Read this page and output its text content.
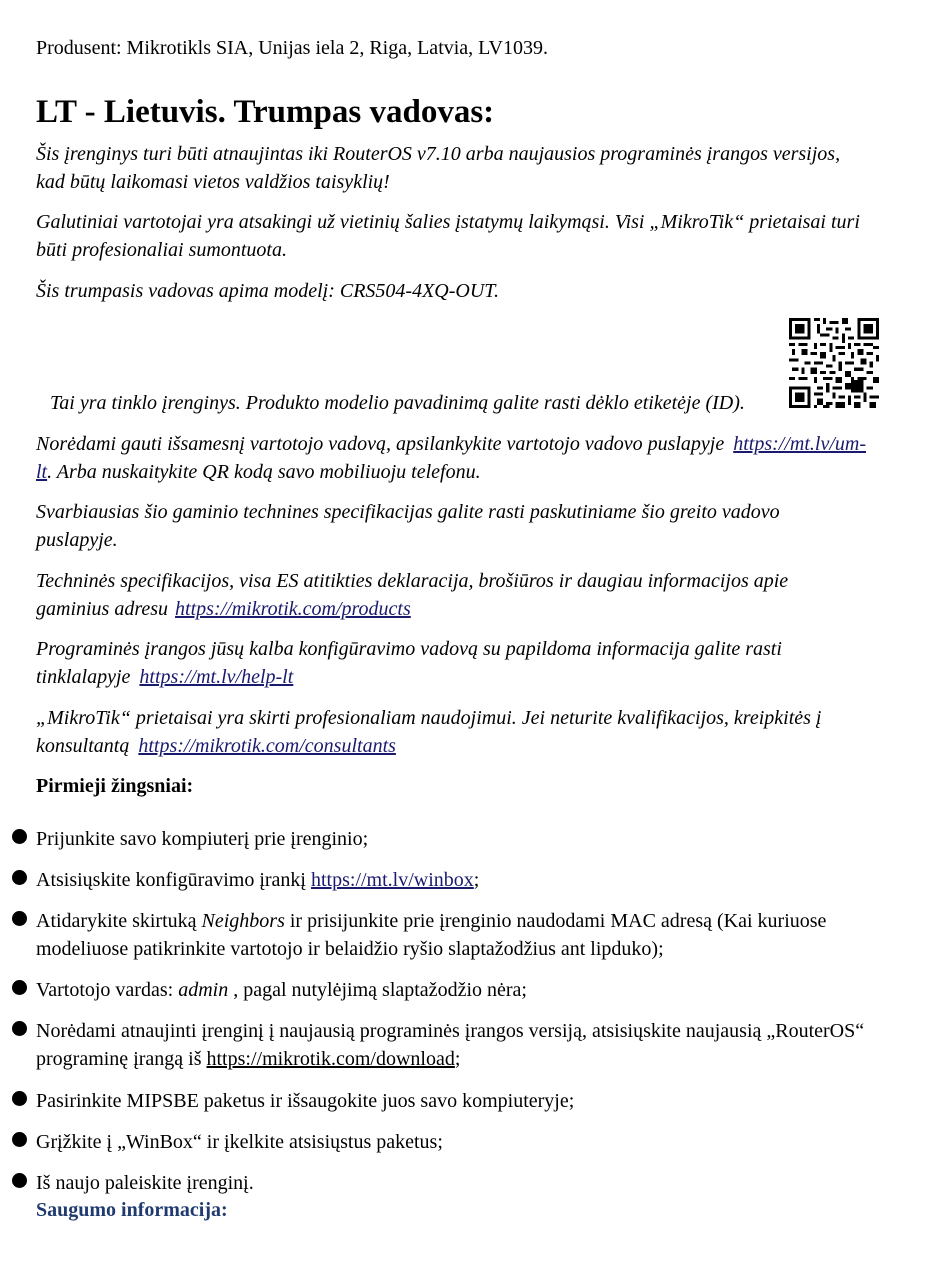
Produsent: Mikrotikls SIA, Unijas iela 2, Riga, Latvia, LV1039.

LT - Lietuvis. Trumpas vadovas:

Šis įrenginys turi būti atnaujintas iki RouterOS v7.10 arba naujausios programinės įrangos versijos,

kad būtų laikomasi vietos valdžios taisyklių!

Galutiniai vartotojai yra atsakingi už vietinių šalies įstatymų laikymąsi. Visi „MikroTik“ prietaisai turi

būti profesionaliai sumontuota.

Šis trumpasis vadovas apima modelį: CRS504-4XQ-OUT.

Tai yra tinklo įrenginys. Produkto modelio pavadinimą galite rasti dėklo etiketėje (ID).

Norėdami gauti išsamesnį vartotojo vadovą, apsilankykite vartotojo vadovo puslapyje https://mt.lv/um-

lt. Arba nuskaitykite QR kodą savo mobiliuoju telefonu.

Svarbiausias šio gaminio technines specifikacijas galite rasti paskutiniame šio greito vadovo

puslapyje.

Techninės specifikacijos, visa ES atitikties deklaracija, brošiūros ir daugiau informacijos apie

gaminius adresu https://mikrotik.com/products

Programinės įrangos jūsų kalba konfigūravimo vadovą su papildoma informacija galite rasti

tinklalapyje https://mt.lv/help-lt

„MikroTik“ prietaisai yra skirti profesionaliam naudojimui. Jei neturite kvalifikacijos, kreipkitės į

konsultantą https://mikrotik.com/consultants

Pirmieji žingsniai:

Prijunkite savo kompiuterį prie įrenginio;

Atsisiųskite konfigūravimo įrankį https://mt.lv/winbox;

Atidarykite skirtuką Neighbors ir prisijunkite prie įrenginio naudodami MAC adresą (Kai kuriuose

modeliuose patikrinkite vartotojo ir belaidžio ryšio slaptažodžius ant lipduko);

Vartotojo vardas: admin , pagal nutylėjimą slaptažodžio nėra;

Norėdami atnaujinti įrenginį į naujausią programinės įrangos versiją, atsisiųskite naujausią „RouterOS“

programinę įrangą iš https://mikrotik.com/download;

Pasirinkite MIPSBE paketus ir išsaugokite juos savo kompiuteryje;

Grįžkite į „WinBox“ ir įkelkite atsisiųstus paketus;

Iš naujo paleiskite įrenginį.

Saugumo informacija:
